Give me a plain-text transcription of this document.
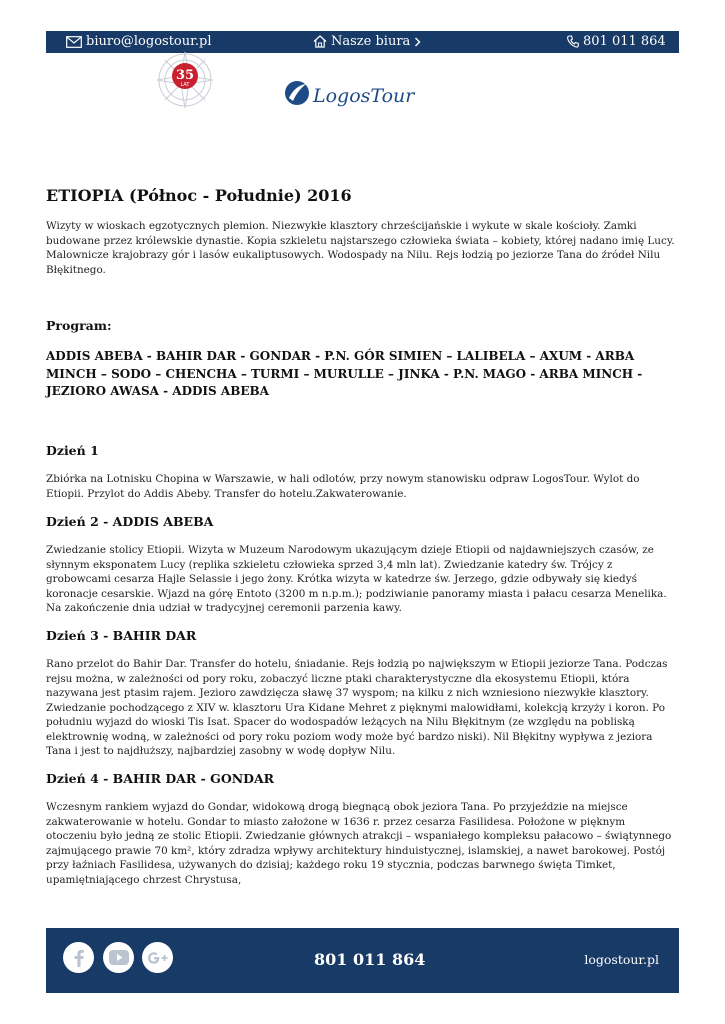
biuro@logostour.pl	Nasze biura	801 011 864
35
LAT	LogosTour
ETIOPIA (Północ - Południe) 2016

Wizyty w wioskach egzotycznych plemion. Niezwykłe klasztory chrześcijańskie i wykute w skale kościoły. Zamki budowane przez królewskie dynastie. Kopia szkieletu najstarszego człowieka świata – kobiety, której nadano imię Lucy. Malownicze krajobrazy gór i lasów eukaliptusowych. Wodospady na Nilu. Rejs łodzią po jeziorze Tana do źródeł Nilu Błękitnego.

Program:

ADDIS ABEBA - BAHIR DAR - GONDAR - P.N. GÓR SIMIEN – LALIBELA – AXUM - ARBA MINCH – SODO – CHENCHA – TURMI – MURULLE – JINKA - P.N. MAGO - ARBA MINCH - JEZIORO AWASA - ADDIS ABEBA

Dzień 1

Zbiórka na Lotnisku Chopina w Warszawie, w hali odlotów, przy nowym stanowisku odpraw LogosTour. Wylot do Etiopii. Przylot do Addis Abeby. Transfer do hotelu.Zakwaterowanie.

Dzień 2 - ADDIS ABEBA

Zwiedzanie stolicy Etiopii. Wizyta w Muzeum Narodowym ukazującym dzieje Etiopii od najdawniejszych czasów, ze słynnym eksponatem Lucy (replika szkieletu człowieka sprzed 3,4 mln lat). Zwiedzanie katedry św. Trójcy z grobowcami cesarza Hajle Selassie i jego żony. Krótka wizyta w katedrze św. Jerzego, gdzie odbywały się kiedyś koronacje cesarskie. Wjazd na górę Entoto (3200 m n.p.m.); podziwianie panoramy miasta i pałacu cesarza Menelika. Na zakończenie dnia udział w tradycyjnej ceremonii parzenia kawy.

Dzień 3 - BAHIR DAR

Rano przelot do Bahir Dar. Transfer do hotelu, śniadanie. Rejs łodzią po największym w Etiopii jeziorze Tana. Podczas rejsu można, w zależności od pory roku, zobaczyć liczne ptaki charakterystyczne dla ekosystemu Etiopii, która nazywana jest ptasim rajem. Jezioro zawdzięcza sławę 37 wyspom; na kilku z nich wzniesiono niezwykłe klasztory. Zwiedzanie pochodzącego z XIV w. klasztoru Ura Kidane Mehret z pięknymi malowidłami, kolekcją krzyży i koron. Po południu wyjazd do wioski Tis Isat. Spacer do wodospadów leżących na Nilu Błękitnym (ze względu na pobliską elektrownię wodną, w zależności od pory roku poziom wody może być bardzo niski). Nil Błękitny wypływa z jeziora Tana i jest to najdłuższy, najbardziej zasobny w wodę dopływ Nilu.

Dzień 4 - BAHIR DAR - GONDAR

Wczesnym rankiem wyjazd do Gondar, widokową drogą biegnącą obok jeziora Tana. Po przyjeździe na miejsce zakwaterowanie w hotelu. Gondar to miasto założone w 1636 r. przez cesarza Fasilidesa. Położone w pięknym otoczeniu było jedną ze stolic Etiopii. Zwiedzanie głównych atrakcji – wspaniałego kompleksu pałacowo – świątynnego zajmującego prawie 70 km², który zdradza wpływy architektury hinduistycznej, islamskiej, a nawet barokowej. Postój przy łaźniach Fasilidesa, używanych do dzisiaj; każdego roku 19 stycznia, podczas barwnego święta Timket, upamiętniającego chrzest Chrystusa,

801 011 864	logostour.pl
